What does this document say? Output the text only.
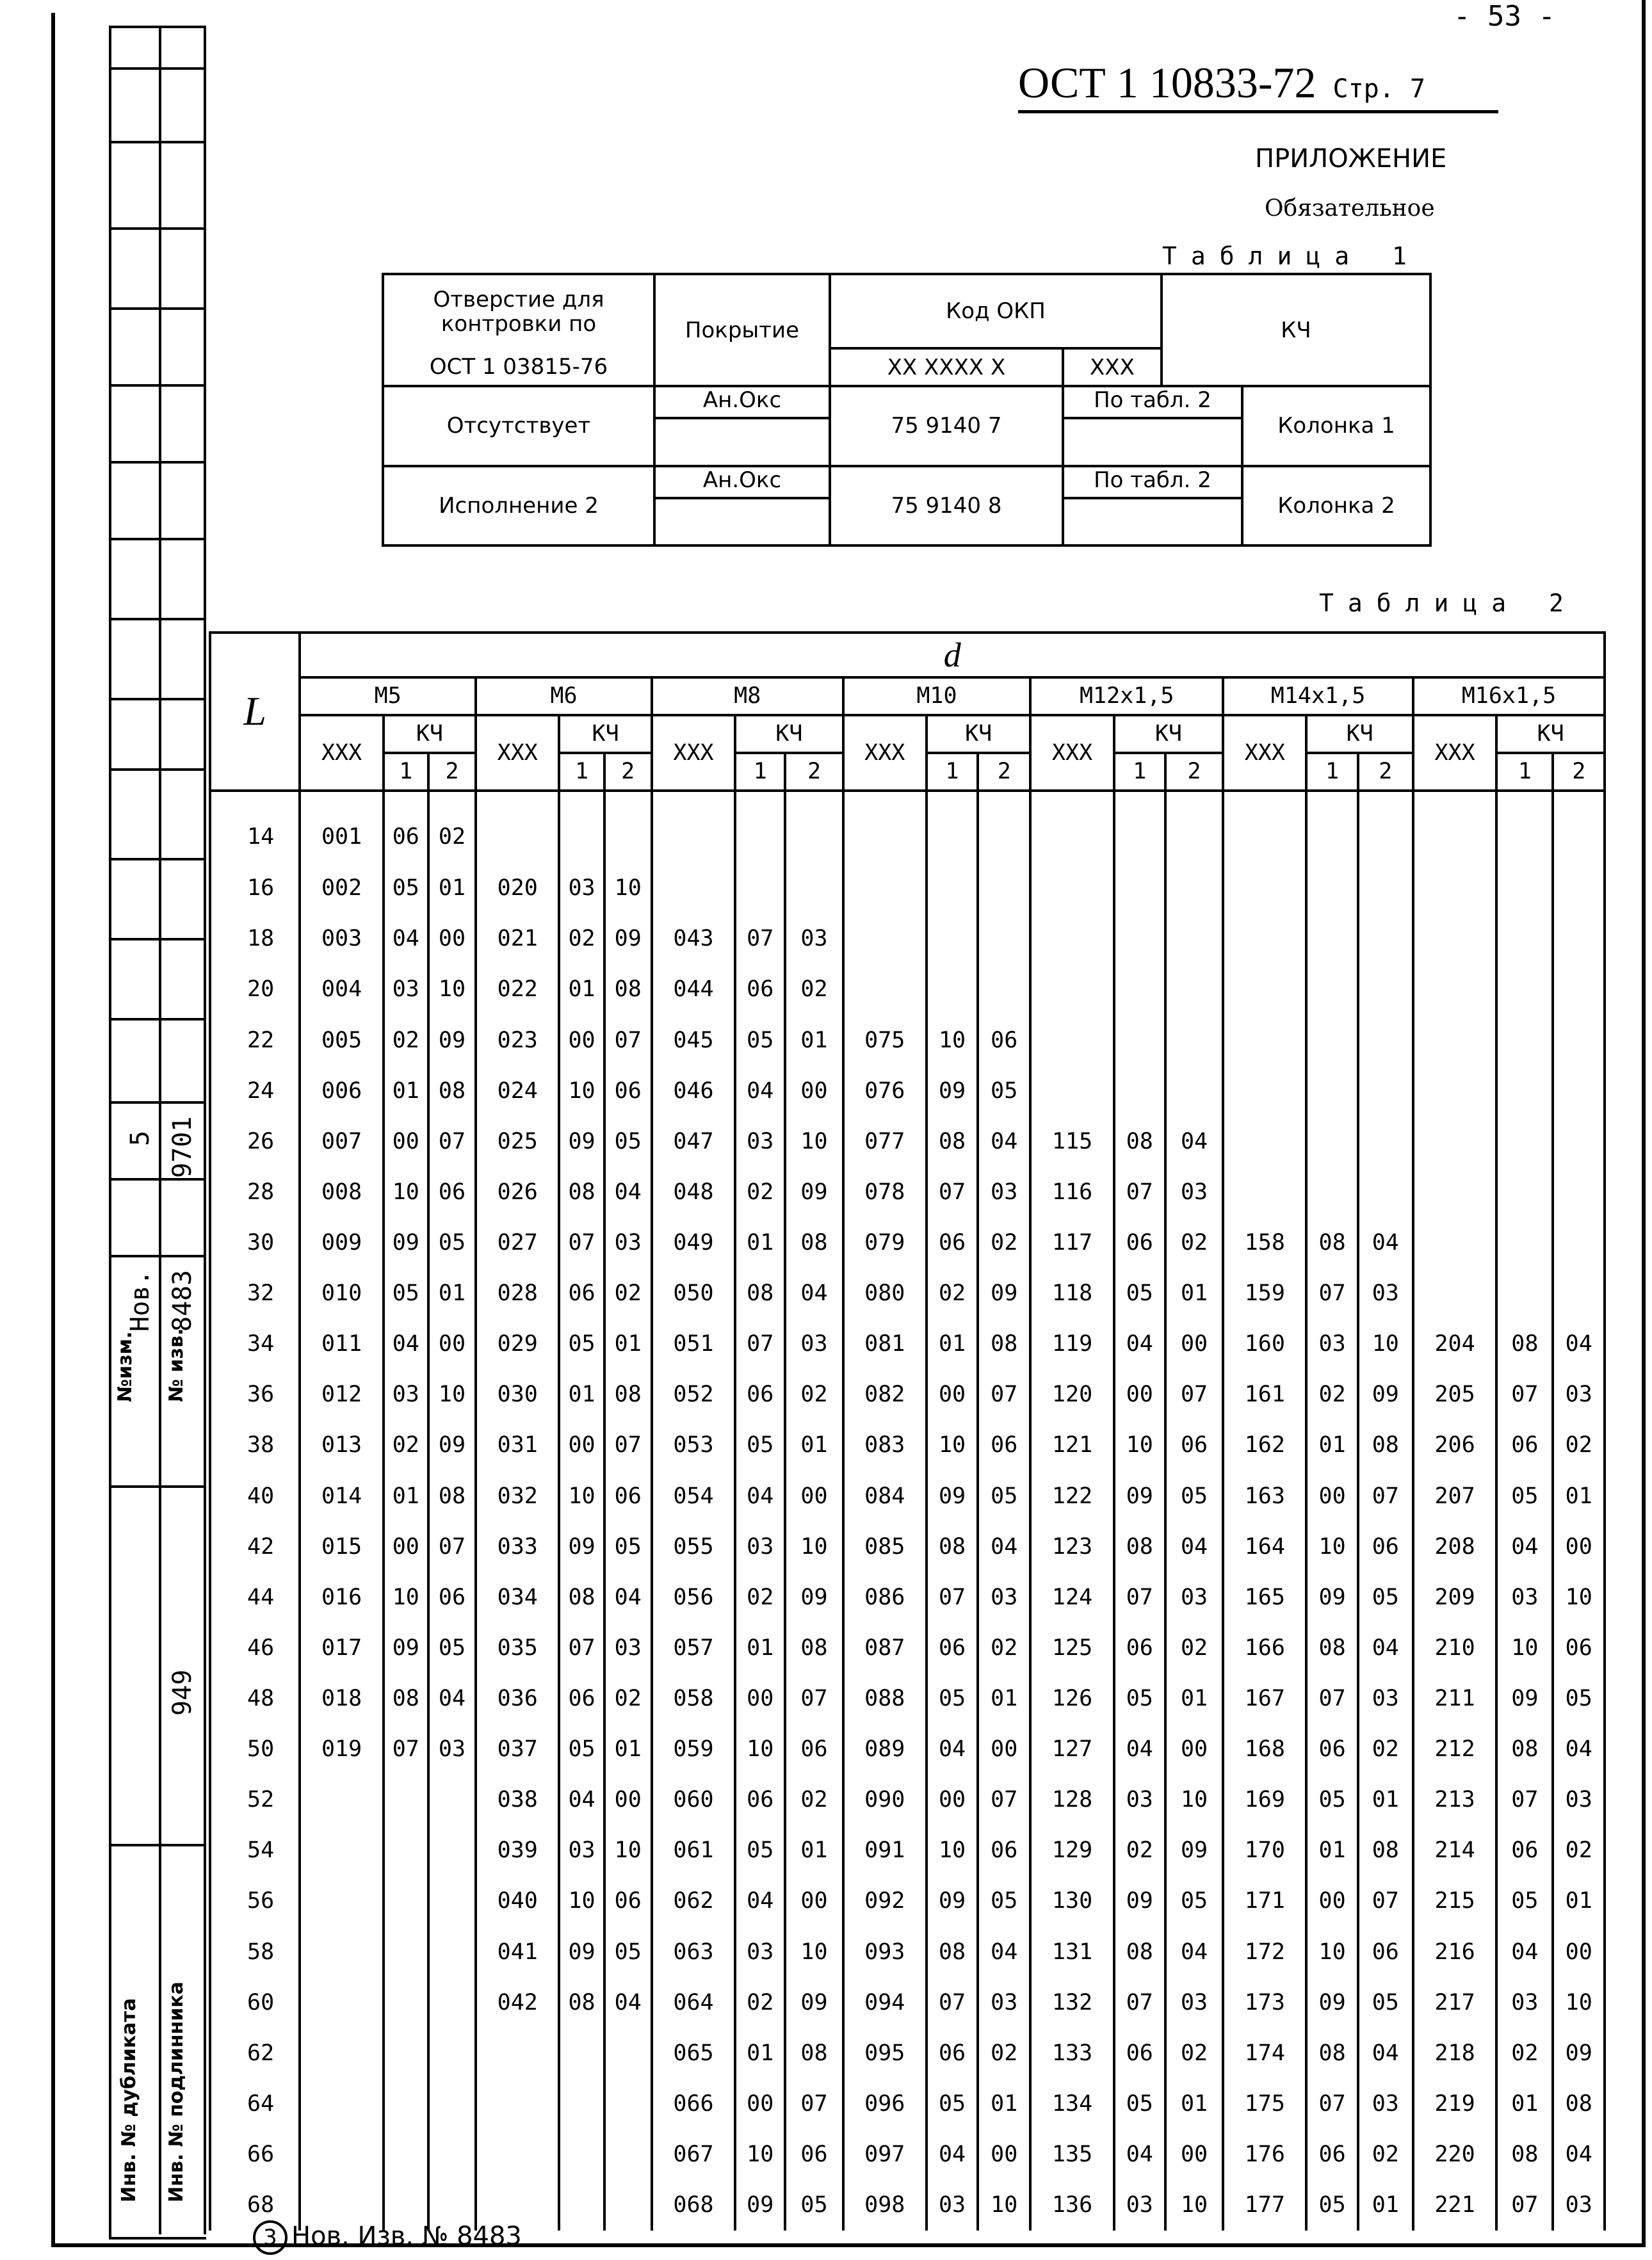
- 53 -
ОСТ 1 10833-72 Стр. 7
ПРИЛОЖЕНИЕ
Обязательное
Таблица 1
Отверстие для контровки по	Покрытие	Код ОКП		КЧ	
ОСТ 1 03815-76		XX XXXX X	XXX		
Отсутствует	Ан.Окс	75 9140 7	По табл. 2		Колонка 1
Исполнение 2	Ан.Окс	75 9140 8	По табл. 2		Колонка 2
Таблица 2
L	d																				
	M5			M6			M8			M10			M12x1,5			M14x1,5			M16x1,5		
	XXX	КЧ		XXX	КЧ		XXX	КЧ		XXX	КЧ		XXX	КЧ		XXX	КЧ		XXX	КЧ	
		1	2		1	2		1	2		1	2		1	2		1	2		1	2
14	001	06	02																		
16	002	05	01	020	03	10															
18	003	04	00	021	02	09	043	07	03												
20	004	03	10	022	01	08	044	06	02												
22	005	02	09	023	00	07	045	05	01	075	10	06									
24	006	01	08	024	10	06	046	04	00	076	09	05									
26	007	00	07	025	09	05	047	03	10	077	08	04	115	08	04						
28	008	10	06	026	08	04	048	02	09	078	07	03	116	07	03						
30	009	09	05	027	07	03	049	01	08	079	06	02	117	06	02	158	08	04			
32	010	05	01	028	06	02	050	08	04	080	02	09	118	05	01	159	07	03			
34	011	04	00	029	05	01	051	07	03	081	01	08	119	04	00	160	03	10	204	08	04
36	012	03	10	030	01	08	052	06	02	082	00	07	120	00	07	161	02	09	205	07	03
38	013	02	09	031	00	07	053	05	01	083	10	06	121	10	06	162	01	08	206	06	02
40	014	01	08	032	10	06	054	04	00	084	09	05	122	09	05	163	00	07	207	05	01
42	015	00	07	033	09	05	055	03	10	085	08	04	123	08	04	164	10	06	208	04	00
44	016	10	06	034	08	04	056	02	09	086	07	03	124	07	03	165	09	05	209	03	10
46	017	09	05	035	07	03	057	01	08	087	06	02	125	06	02	166	08	04	210	10	06
48	018	08	04	036	06	02	058	00	07	088	05	01	126	05	01	167	07	03	211	09	05
50	019	07	03	037	05	01	059	10	06	089	04	00	127	04	00	168	06	02	212	08	04
52				038	04	00	060	06	02	090	00	07	128	03	10	169	05	01	213	07	03
54				039	03	10	061	05	01	091	10	06	129	02	09	170	01	08	214	06	02
56				040	10	06	062	04	00	092	09	05	130	09	05	171	00	07	215	05	01
58				041	09	05	063	03	10	093	08	04	131	08	04	172	10	06	216	04	00
60				042	08	04	064	02	09	094	07	03	132	07	03	173	09	05	217	03	10
62							065	01	08	095	06	02	133	06	02	174	08	04	218	02	09
64							066	00	07	096	05	01	134	05	01	175	07	03	219	01	08
66							067	10	06	097	04	00	135	04	00	176	06	02	220	08	04
68							068	09	05	098	03	10	136	03	10	177	05	01	221	07	03
№изм. № изв.
Нов. 8483
5 9701
Инв. № дубликата Инв. № подлинника
949
3 Нов. Изв. № 8483
